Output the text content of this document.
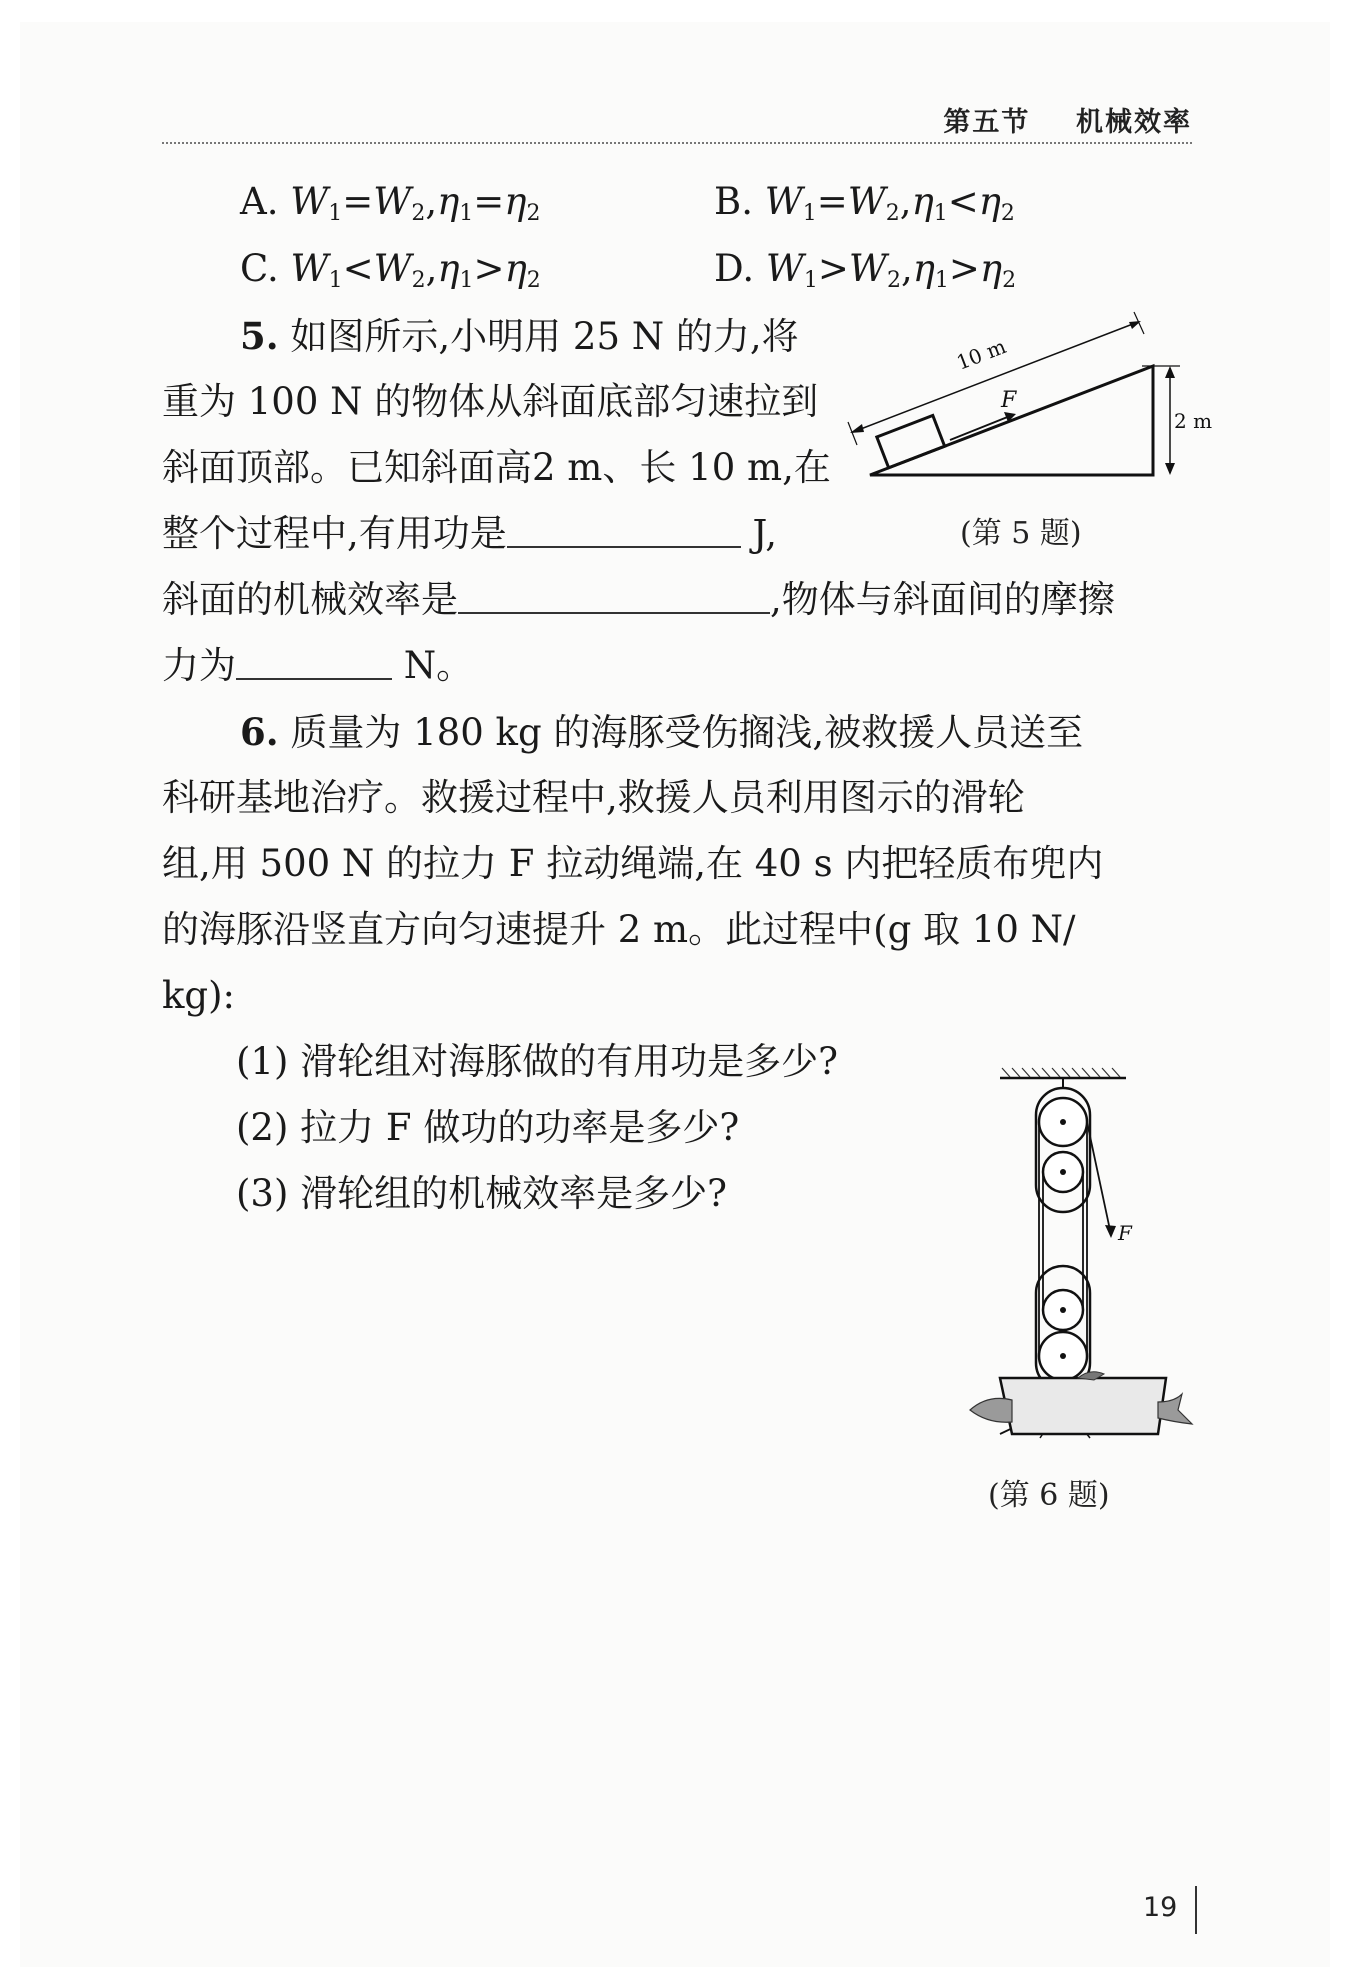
第五节    机械效率
A. $W_1=W_2,\eta_1=\eta_2$	B. $W_1=W_2,\eta_1<\eta_2$
C. $W_1<W_2,\eta_1>\eta_2$	D. $W_1>W_2,\eta_1>\eta_2$
5. 如图所示,小明用 25 N 的力,将
重为 100 N 的物体从斜面底部匀速拉到
斜面顶部。已知斜面高2 m、长 10 m,在
整个过程中,有用功是	J,
斜面的机械效率是	,物体与斜面间的摩擦
力为	N。
F
10 m
2 m
(第 5 题)
6. 质量为 180 kg 的海豚受伤搁浅,被救援人员送至
科研基地治疗。救援过程中,救援人员利用图示的滑轮
组,用 500 N 的拉力 F 拉动绳端,在 40 s 内把轻质布兜内
的海豚沿竖直方向匀速提升 2 m。此过程中(g 取 10 N/
kg):
(1) 滑轮组对海豚做的有用功是多少?
(2) 拉力 F 做功的功率是多少?
(3) 滑轮组的机械效率是多少?
F
(第 6 题)
19
